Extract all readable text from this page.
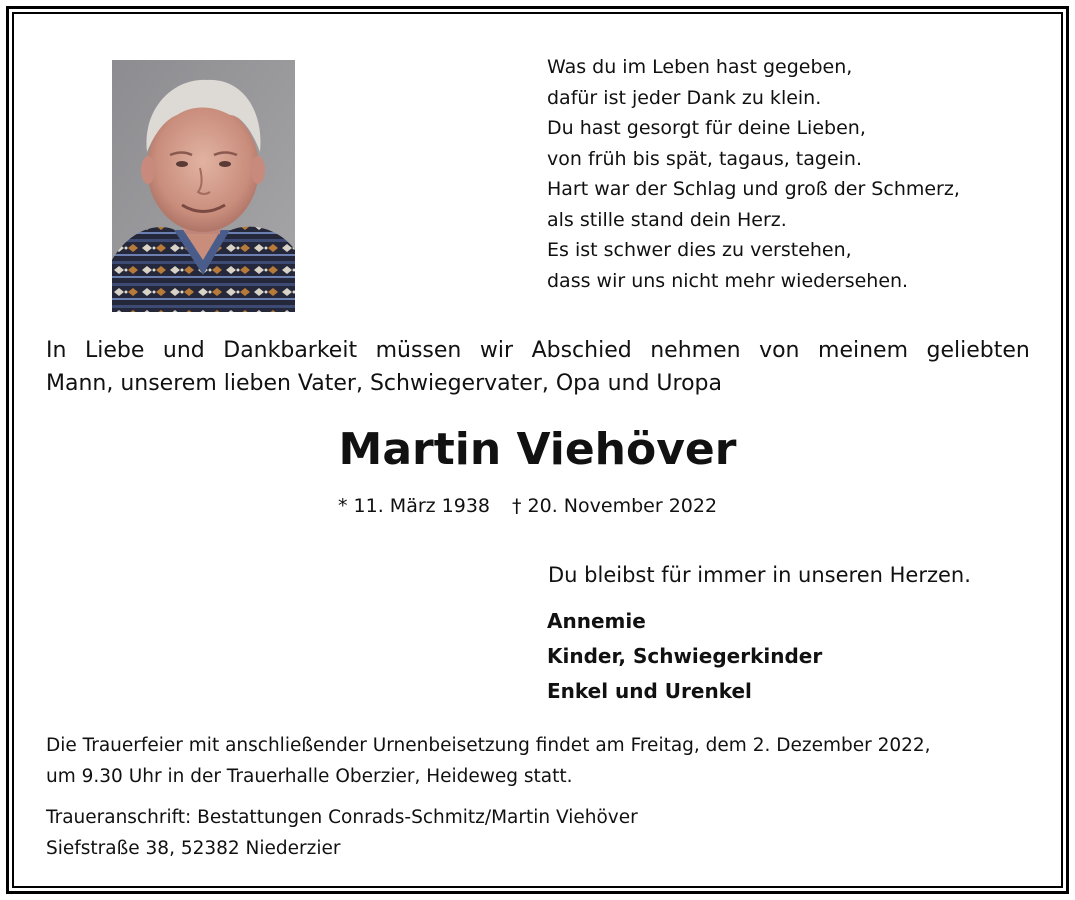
Was du im Leben hast gegeben,
dafür ist jeder Dank zu klein.
Du hast gesorgt für deine Lieben,
von früh bis spät, tagaus, tagein.
Hart war der Schlag und groß der Schmerz,
als stille stand dein Herz.
Es ist schwer dies zu verstehen,
dass wir uns nicht mehr wiedersehen.
In Liebe und Dankbarkeit müssen wir Abschied nehmen von meinem geliebten
Mann, unserem lieben Vater, Schwiegervater, Opa und Uropa
Martin Viehöver
* 11. März 1938 † 20. November 2022
Du bleibst für immer in unseren Herzen.
Annemie
Kinder, Schwiegerkinder
Enkel und Urenkel
Die Trauerfeier mit anschließender Urnenbeisetzung findet am Freitag, dem 2. Dezember 2022,
um 9.30 Uhr in der Trauerhalle Oberzier, Heideweg statt.
Traueranschrift: Bestattungen Conrads-Schmitz/Martin Viehöver
Siefstraße 38, 52382 Niederzier
